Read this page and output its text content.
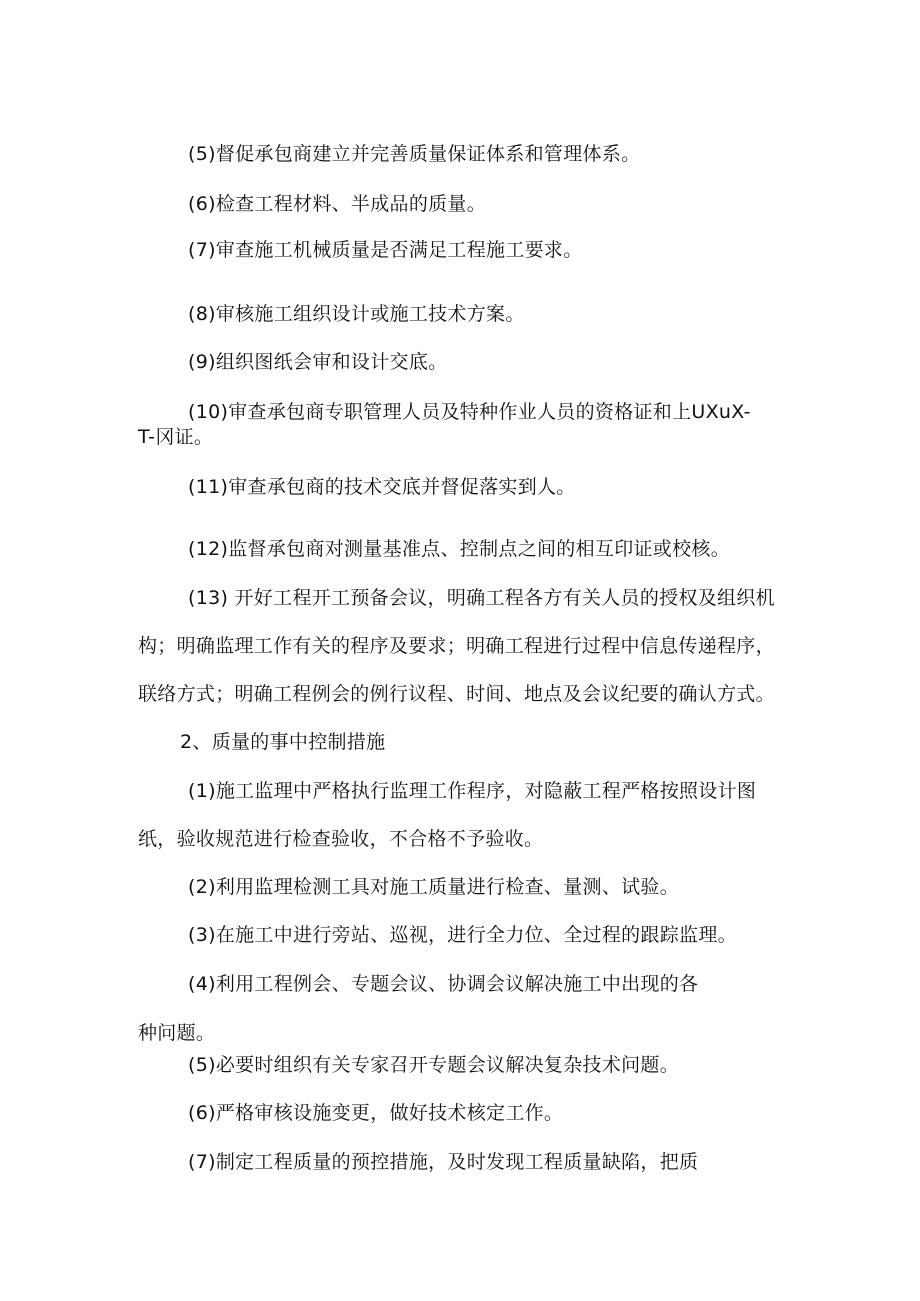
(5)督促承包商建立并完善质量保证体系和管理体系。

(6)检查工程材料、半成品的质量。

(7)审查施工机械质量是否满足工程施工要求。

(8)审核施工组织设计或施工技术方案。

(9)组织图纸会审和设计交底。

(10)审查承包商专职管理人员及特种作业人员的资格证和上UXuX-

T-冈证。

(11)审查承包商的技术交底并督促落实到人。

(12)监督承包商对测量基准点、控制点之间的相互印证或校核。

(13) 开好工程开工预备会议，明确工程各方有关人员的授权及组织机

构；明确监理工作有关的程序及要求；明确工程进行过程中信息传递程序，

联络方式；明确工程例会的例行议程、时间、地点及会议纪要的确认方式。

2、质量的事中控制措施

(1)施工监理中严格执行监理工作程序，对隐蔽工程严格按照设计图

纸，验收规范进行检查验收，不合格不予验收。

(2)利用监理检测工具对施工质量进行检查、量测、试验。

(3)在施工中进行旁站、巡视，进行全力位、全过程的跟踪监理。

(4)利用工程例会、专题会议、协调会议解决施工中出现的各

种问题。

(5)必要时组织有关专家召开专题会议解决复杂技术问题。

(6)严格审核设施变更，做好技术核定工作。

(7)制定工程质量的预控措施，及时发现工程质量缺陷，把质
